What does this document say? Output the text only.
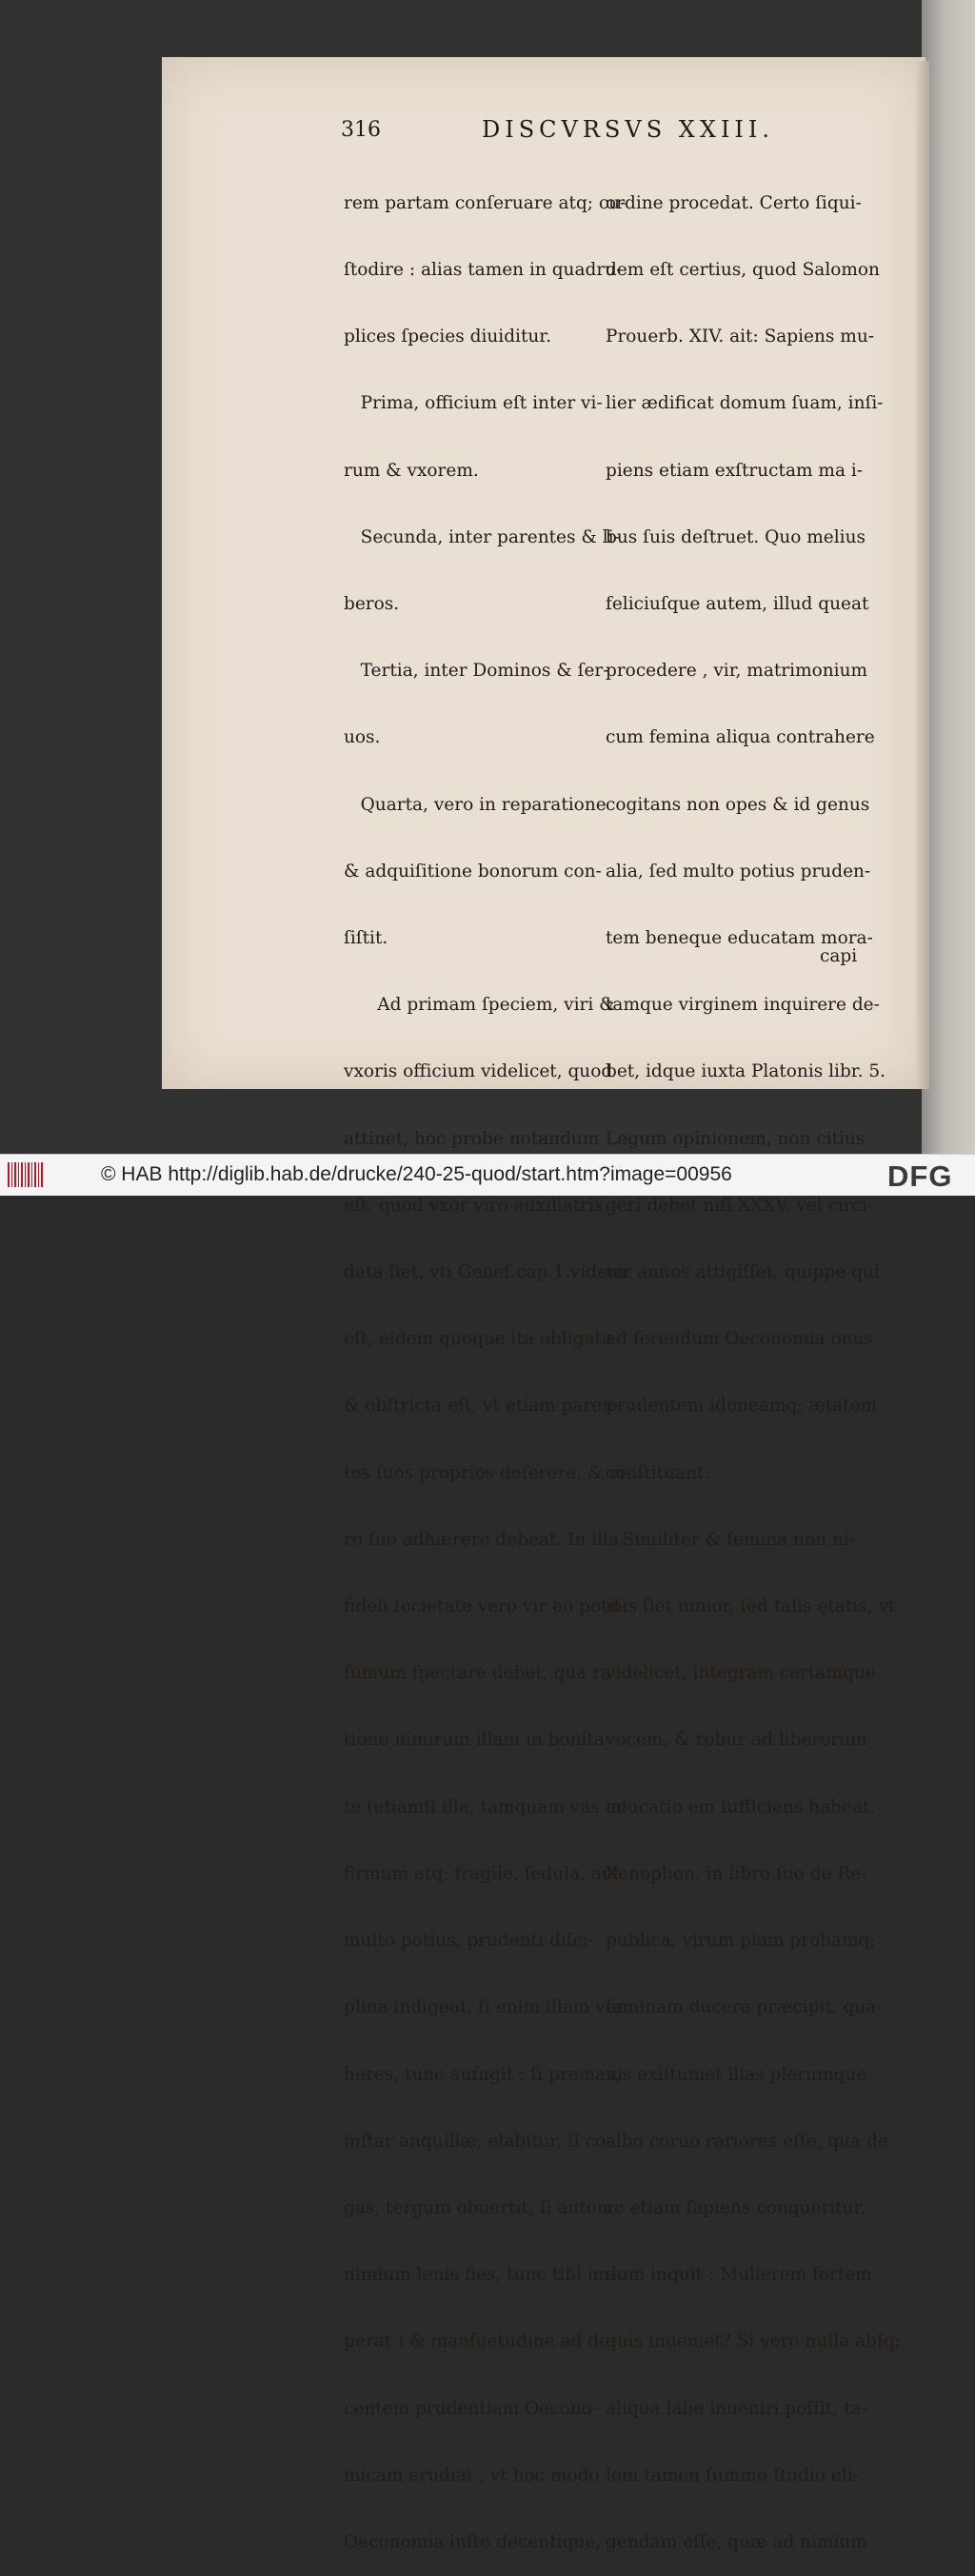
316	DISCVRSVS XXIII.

rem partam conſeruare atq; cu-

ſtodire : alias tamen in quadru-

plices ſpecies diuiditur.

Prima, officium eſt inter vi-

rum & vxorem.

Secunda, inter parentes & li-

beros.

Tertia, inter Dominos & ſer-

uos.

Quarta, vero in reparatione

& adquiſitione bonorum con-

ſiſtit.

Ad primam ſpeciem, viri &

vxoris officium videlicet, quod

attinet, hoc probe notandum

eſt, quod vxor viro auxiliatrix,

data ſiet, vti Geneſ.cap.1.videre

eſt, eidem quoque ita obligata

& obſtricta eſt, vt etiam paren-

tes ſuos proprios deſerere, & vi-

ro ſuo adhærere debeat. In illa

fideli ſocietate vero vir eo potiſ-

ſumum ſpectare debet, qua ra-

tione nimirum illam in bonita-

te (etiamſi illa, tamquam vas in-

firmum atq; fragile, ſedula, aut

multo potius, prudenti diſci-

plina indigeat, ſi enim illam ver

heres, tunc aufugit : ſi premas,

inſtar anquillæ, elabitur, ſi co-

gas, tergum obuertit, ſi autem

nimium lenis fies, tunc tibi im-

perat ) & manſuetudine ad de-

centem prudentiam Oecono-

micam erudiat , vt hoc modo

Oeconomia iuſto decentique,

ordine procedat. Certo ſiqui-

dem eſt certius, quod Salomon

Prouerb. XIV. ait: Sapiens mu-

lier ædificat domum ſuam, inſi-

piens etiam exſtructam ma i-

bus ſuis deſtruet. Quo melius

feliciuſque autem, illud queat

procedere , vir, matrimonium

cum femina aliqua contrahere

cogitans non opes & id genus

alia, ſed multo potius pruden-

tem beneque educatam mora-

tamque virginem inquirere de-

bet, idque iuxta Platonis libr. 5.

Legum opinionem, non citius

geri debet niſi XXXV. vel circi-

ter annos attigiſſet, quippe qui

ad ferendum Oeconomia onus

prudentem idoneamq; ætatem

conſtituant.

Similiter & femina non ni-

mis ſiet iunior, ſed talis ętatis, vt

videlicet, integram certamque

vocem, & robur ad liberorum

educatio em ſufficiens habeat.

Xenophon, in libro ſuo de Re-

publica, virum piam probamq;

feminam ducere præcipit, quá-

uis exiſtumet illas plerumque

albo coruo rariores eſſe, qua de

re etiam ſapiens conqueritur,

dum inquit : Mulierem fortem

quis inueniet? Si vero nulla abſq;

aliqua labe inueniri poſſit, ta-

lem tamen ſummo ſtudio eli-

gendam eſſe, quæ ad nimium

capi
© HAB http://diglib.hab.de/drucke/240-25-quod/start.htm?image=00956	DFG
